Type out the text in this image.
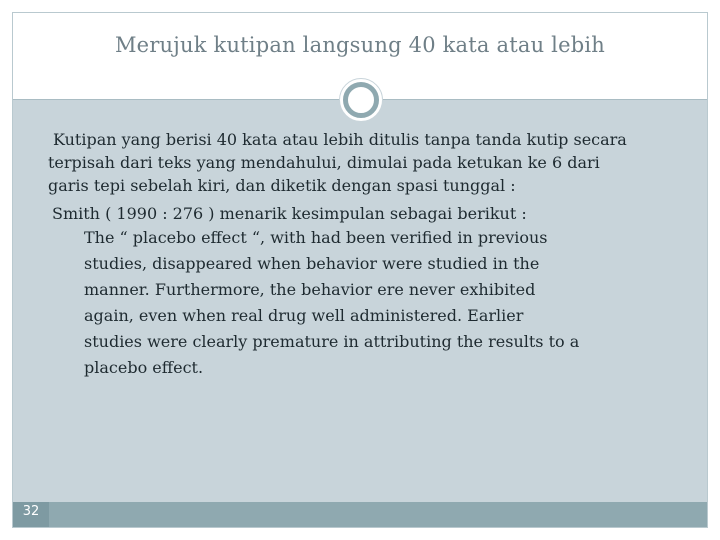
Merujuk kutipan langsung 40 kata atau lebih
Kutipan yang berisi 40 kata atau lebih ditulis tanpa tanda kutip secara
terpisah dari teks yang mendahului, dimulai pada ketukan ke 6 dari
garis tepi sebelah kiri, dan diketik dengan spasi tunggal :
Smith ( 1990 : 276 ) menarik kesimpulan sebagai berikut :
The “ placebo effect “, with had been verified in previous
studies, disappeared when behavior were studied in the
manner. Furthermore, the behavior ere never exhibited
again, even when real drug well administered. Earlier
studies were clearly premature in attributing the results to a
placebo effect.
32
